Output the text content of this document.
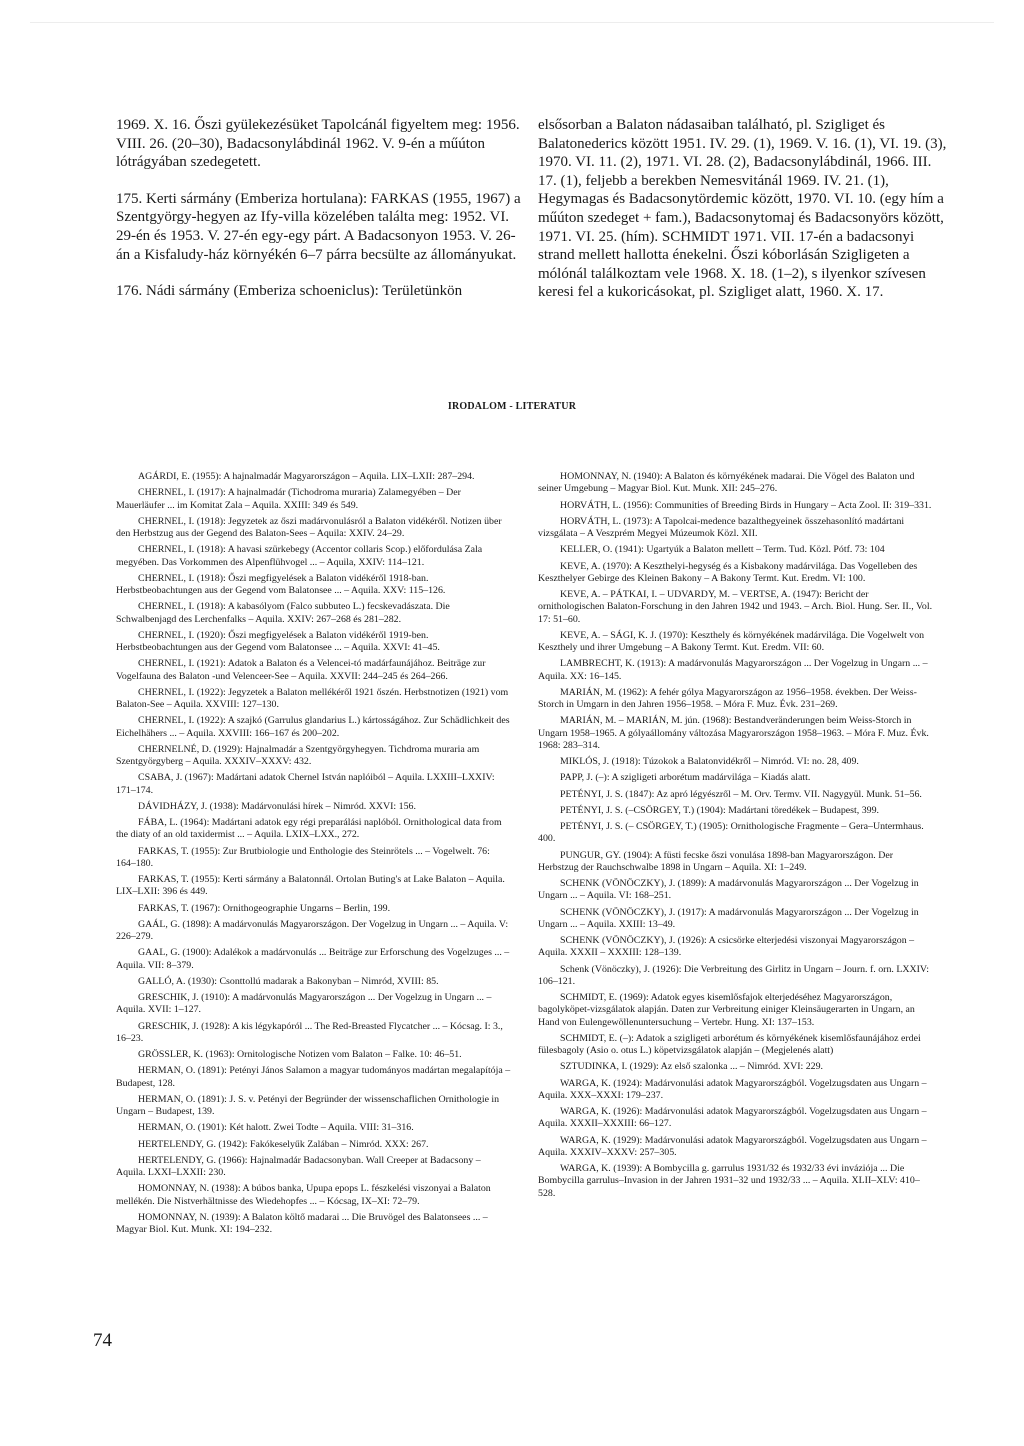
1969. X. 16. Őszi gyülekezésüket Tapolcánál figyeltem meg: 1956. VIII. 26. (20–30), Badacsonylábdinál 1962. V. 9-én a műúton lótrágyában szedegetett.

175. Kerti sármány (Emberiza hortulana): FARKAS (1955, 1967) a Szentgyörgy-hegyen az Ify-villa közelében találta meg: 1952. VI. 29-én és 1953. V. 27-én egy-egy párt. A Badacsonyon 1953. V. 26-án a Kisfaludy-ház környékén 6–7 párra becsülte az állományukat.

176. Nádi sármány (Emberiza schoeniclus): Területünkön

elsősorban a Balaton nádasaiban található, pl. Szigliget és Balatonederics között 1951. IV. 29. (1), 1969. V. 16. (1), VI. 19. (3), 1970. VI. 11. (2), 1971. VI. 28. (2), Badacsonylábdinál, 1966. III. 17. (1), feljebb a berekben Nemesvitánál 1969. IV. 21. (1), Hegymagas és Badacsonytördemic között, 1970. VI. 10. (egy hím a műúton szedeget + fam.), Badacsonytomaj és Badacsonyörs között, 1971. VI. 25. (hím). SCHMIDT 1971. VII. 17-én a badacsonyi strand mellett hallotta énekelni. Őszi kóborlásán Szigligeten a mólónál találkoztam vele 1968. X. 18. (1–2), s ilyenkor szívesen keresi fel a kukoricásokat, pl. Szigliget alatt, 1960. X. 17.

IRODALOM - LITERATUR

AGÁRDI, E. (1955): A hajnalmadár Magyarországon – Aquila. LIX–LXII: 287–294.

CHERNEL, I. (1917): A hajnalmadár (Tichodroma muraria) Zalamegyében – Der Mauerläufer ... im Komitat Zala – Aquila. XXIII: 349 és 549.

CHERNEL, I. (1918): Jegyzetek az őszi madárvonulásról a Balaton vidékéről. Notizen über den Herbstzug aus der Gegend des Balaton-Sees – Aquila: XXIV. 24–29.

CHERNEL, I. (1918): A havasi szürkebegy (Accentor collaris Scop.) előfordulása Zala megyében. Das Vorkommen des Alpenflühvogel ... – Aquila, XXIV: 114–121.

CHERNEL, I. (1918): Őszi megfigyelések a Balaton vidékéről 1918-ban. Herbstbeobachtungen aus der Gegend vom Balatonsee ... – Aquila. XXV: 115–126.

CHERNEL, I. (1918): A kabasólyom (Falco subbuteo L.) fecskevadászata. Die Schwalbenjagd des Lerchenfalks – Aquila. XXIV: 267–268 és 281–282.

CHERNEL, I. (1920): Őszi megfigyelések a Balaton vidékéről 1919-ben. Herbstbeobachtungen aus der Gegend vom Balatonsee ... – Aquila. XXVI: 41–45.

CHERNEL, I. (1921): Adatok a Balaton és a Velencei-tó madárfaunájához. Beiträge zur Vogelfauna des Balaton -und Velenceer-See – Aquila. XXVII: 244–245 és 264–266.

CHERNEL, I. (1922): Jegyzetek a Balaton mellékéről 1921 őszén. Herbstnotizen (1921) vom Balaton-See – Aquila. XXVIII: 127–130.

CHERNEL, I. (1922): A szajkó (Garrulus glandarius L.) kártosságához. Zur Schädlichkeit des Eichelhähers ... – Aquila. XXVIII: 166–167 és 200–202.

CHERNELNÉ, D. (1929): Hajnalmadár a Szentgyörgyhegyen. Tichdroma muraria am Szentgyörgyberg – Aquila. XXXIV–XXXV: 432.

CSABA, J. (1967): Madártani adatok Chernel István naplóiból – Aquila. LXXIII–LXXIV: 171–174.

DÁVIDHÁZY, J. (1938): Madárvonulási hírek – Nimród. XXVI: 156.

FÁBA, L. (1964): Madártani adatok egy régi preparálási naplóból. Ornithological data from the diaty of an old taxidermist ... – Aquila. LXIX–LXX., 272.

FARKAS, T. (1955): Zur Brutbiologie und Enthologie des Steinrötels ... – Vogelwelt. 76: 164–180.

FARKAS, T. (1955): Kerti sármány a Balatonnál. Ortolan Buting's at Lake Balaton – Aquila. LIX–LXII: 396 és 449.

FARKAS, T. (1967): Ornithogeographie Ungarns – Berlin, 199.

GAÁL, G. (1898): A madárvonulás Magyarországon. Der Vogelzug in Ungarn ... – Aquila. V: 226–279.

GAAL, G. (1900): Adalékok a madárvonulás ... Beiträge zur Erforschung des Vogelzuges ... – Aquila. VII: 8–379.

GALLÓ, A. (1930): Csonttollú madarak a Bakonyban – Nimród, XVIII: 85.

GRESCHIK, J. (1910): A madárvonulás Magyarországon ... Der Vogelzug in Ungarn ... – Aquila. XVII: 1–127.

GRESCHIK, J. (1928): A kis légykapóról ... The Red-Breasted Flycatcher ... – Kócsag. I: 3., 16–23.

GRÖSSLER, K. (1963): Ornitologische Notizen vom Balaton – Falke. 10: 46–51.

HERMAN, O. (1891): Petényi János Salamon a magyar tudományos madártan megalapítója – Budapest, 128.

HERMAN, O. (1891): J. S. v. Petényi der Begründer der wissenschaflichen Ornithologie in Ungarn – Budapest, 139.

HERMAN, O. (1901): Két halott. Zwei Todte – Aquila. VIII: 31–316.

HERTELENDY, G. (1942): Fakókeselyűk Zalában – Nimród. XXX: 267.

HERTELENDY, G. (1966): Hajnalmadár Badacsonyban. Wall Creeper at Badacsony – Aquila. LXXI–LXXII: 230.

HOMONNAY, N. (1938): A búbos banka, Upupa epops L. fészkelési viszonyai a Balaton mellékén. Die Nistverhältnisse des Wiedehopfes ... – Kócsag, IX–XI: 72–79.

HOMONNAY, N. (1939): A Balaton költő madarai ... Die Bruvögel des Balatonsees ... – Magyar Biol. Kut. Munk. XI: 194–232.

HOMONNAY, N. (1940): A Balaton és környékének madarai. Die Vögel des Balaton und seiner Umgebung – Magyar Biol. Kut. Munk. XII: 245–276.

HORVÁTH, L. (1956): Communities of Breeding Birds in Hungary – Acta Zool. II: 319–331.

HORVÁTH, L. (1973): A Tapolcai-medence bazalthegyeinek összehasonlító madártani vizsgálata – A Veszprém Megyei Múzeumok Közl. XII.

KELLER, O. (1941): Ugartyúk a Balaton mellett – Term. Tud. Közl. Pótf. 73: 104

KEVE, A. (1970): A Keszthelyi-hegység és a Kisbakony madárvilága. Das Vogelleben des Keszthelyer Gebirge des Kleinen Bakony – A Bakony Termt. Kut. Eredm. VI: 100.

KEVE, A. – PÁTKAI, I. – UDVARDY, M. – VERTSE, A. (1947): Bericht der ornithologischen Balaton-Forschung in den Jahren 1942 und 1943. – Arch. Biol. Hung. Ser. II., Vol. 17: 51–60.

KEVE, A. – SÁGI, K. J. (1970): Keszthely és környékének madárvilága. Die Vogelwelt von Keszthely und ihrer Umgebung – A Bakony Termt. Kut. Eredm. VII: 60.

LAMBRECHT, K. (1913): A madárvonulás Magyarországon ... Der Vogelzug in Ungarn ... – Aquila. XX: 16–145.

MARIÁN, M. (1962): A fehér gólya Magyarországon az 1956–1958. években. Der Weiss-Storch in Umgarn in den Jahren 1956–1958. – Móra F. Muz. Évk. 231–269.

MARIÁN, M. – MARIÁN, M. jún. (1968): Bestandveränderungen beim Weiss-Storch in Ungarn 1958–1965. A gólyaállomány változása Magyarországon 1958–1963. – Móra F. Muz. Évk. 1968: 283–314.

MIKLÓS, J. (1918): Túzokok a Balatonvidékről – Nimród. VI: no. 28, 409.

PAPP, J. (–): A szigligeti arborétum madárvilága – Kiadás alatt.

PETÉNYI, J. S. (1847): Az apró légyészről – M. Orv. Termv. VII. Nagygyül. Munk. 51–56.

PETÉNYI, J. S. (–CSÖRGEY, T.) (1904): Madártani töredékek – Budapest, 399.

PETÉNYI, J. S. (– CSÖRGEY, T.) (1905): Ornithologische Fragmente – Gera–Untermhaus. 400.

PUNGUR, GY. (1904): A füsti fecske őszi vonulása 1898-ban Magyarországon. Der Herbstzug der Rauchschwalbe 1898 in Ungarn – Aquila. XI: 1–249.

SCHENK (VÖNÖCZKY), J. (1899): A madárvonulás Magyarországon ... Der Vogelzug in Ungarn ... – Aquila. VI: 168–251.

SCHENK (VÖNÖCZKY), J. (1917): A madárvonulás Magyarországon ... Der Vogelzug in Ungarn ... – Aquila. XXIII: 13–49.

SCHENK (VÖNÖCZKY), J. (1926): A csicsörke elterjedési viszonyai Magyarországon – Aquila. XXXII – XXXIII: 128–139.

Schenk (Vönöczky), J. (1926): Die Verbreitung des Girlitz in Ungarn – Journ. f. orn. LXXIV: 106–121.

SCHMIDT, E. (1969): Adatok egyes kisemlősfajok elterjedéséhez Magyarországon, bagolyköpet-vizsgálatok alapján. Daten zur Verbreitung einiger Kleinsäugerarten in Ungarn, an Hand von Eulengewöllenuntersuchung – Vertebr. Hung. XI: 137–153.

SCHMIDT, E. (–): Adatok a szigligeti arborétum és környékének kisemlősfaunájához erdei fülesbagoly (Asio o. otus L.) köpetvizsgálatok alapján – (Megjelenés alatt)

SZTUDINKA, I. (1929): Az első szalonka ... – Nimród. XVI: 229.

WARGA, K. (1924): Madárvonulási adatok Magyarországból. Vogelzugsdaten aus Ungarn – Aquila. XXX–XXXI: 179–237.

WARGA, K. (1926): Madárvonulási adatok Magyarországból. Vogelzugsdaten aus Ungarn – Aquila. XXXII–XXXIII: 66–127.

WARGA, K. (1929): Madárvonulási adatok Magyarországból. Vogelzugsdaten aus Ungarn – Aquila. XXXIV–XXXV: 257–305.

WARGA, K. (1939): A Bombycilla g. garrulus 1931/32 és 1932/33 évi inváziója ... Die Bombycilla garrulus–Invasion in der Jahren 1931–32 und 1932/33 ... – Aquila. XLII–XLV: 410–528.

74
